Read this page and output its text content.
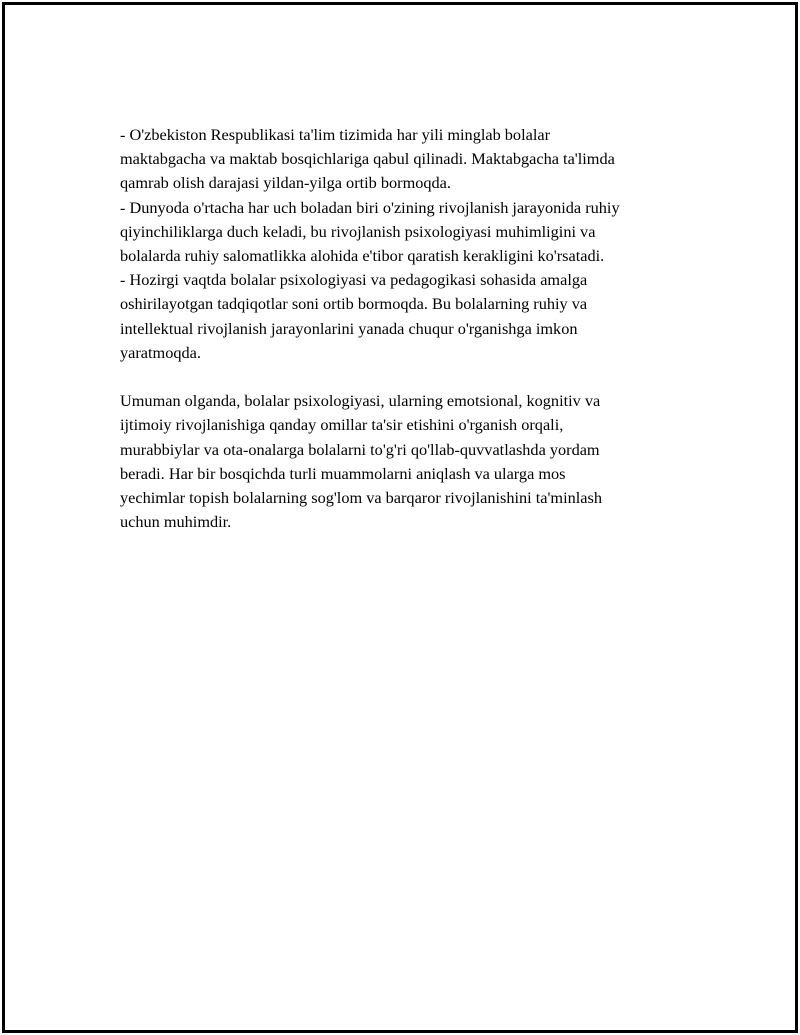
- O'zbekiston Respublikasi ta'lim tizimida har yili minglab bolalar
maktabgacha va maktab bosqichlariga qabul qilinadi. Maktabgacha ta'limda
qamrab olish darajasi yildan-yilga ortib bormoqda.
- Dunyoda o'rtacha har uch boladan biri o'zining rivojlanish jarayonida ruhiy
qiyinchiliklarga duch keladi, bu rivojlanish psixologiyasi muhimligini va
bolalarda ruhiy salomatlikka alohida e'tibor qaratish kerakligini ko'rsatadi.
- Hozirgi vaqtda bolalar psixologiyasi va pedagogikasi sohasida amalga
oshirilayotgan tadqiqotlar soni ortib bormoqda. Bu bolalarning ruhiy va
intellektual rivojlanish jarayonlarini yanada chuqur o'rganishga imkon
yaratmoqda.
Umuman olganda, bolalar psixologiyasi, ularning emotsional, kognitiv va
ijtimoiy rivojlanishiga qanday omillar ta'sir etishini o'rganish orqali,
murabbiylar va ota-onalarga bolalarni to'g'ri qo'llab-quvvatlashda yordam
beradi. Har bir bosqichda turli muammolarni aniqlash va ularga mos
yechimlar topish bolalarning sog'lom va barqaror rivojlanishini ta'minlash
uchun muhimdir.
